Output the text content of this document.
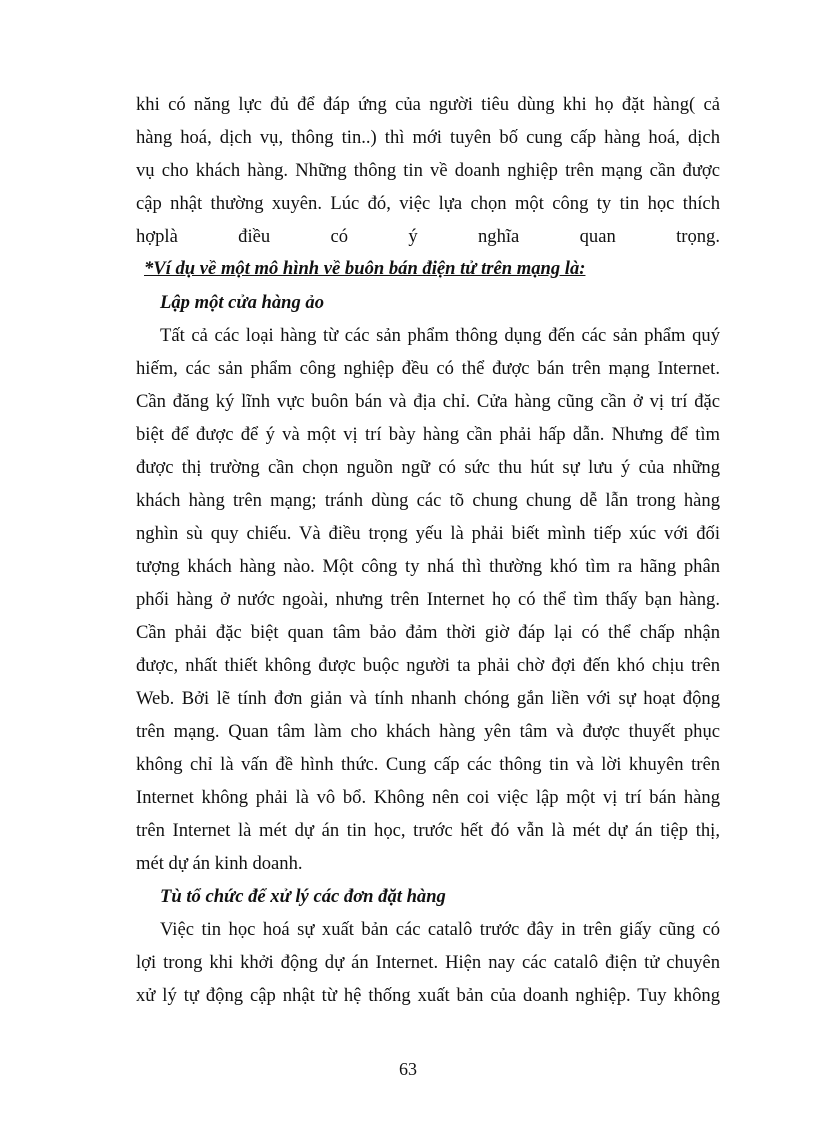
khi có năng lực đủ để đáp ứng của người tiêu dùng khi họ đặt hàng( cả
hàng hoá, dịch vụ, thông tin..) thì mới tuyên bố cung cấp hàng hoá, dịch
vụ cho khách hàng. Những thông tin về doanh nghiệp trên mạng cần được
cập nhật thường xuyên. Lúc đó, việc lựa chọn một công ty tin học thích
hợplà điều có ý nghĩa quan trọng.
*Ví dụ về một mô hình về buôn bán điện tử trên mạng là:
Lập một cửa hàng ảo
Tất cả các loại hàng từ các sản phẩm thông dụng đến các sản phẩm quý
hiếm, các sản phẩm công nghiệp đều có thể được bán trên mạng Internet.
Cần đăng ký lĩnh vực buôn bán và địa chỉ. Cửa hàng cũng cần ở vị trí đặc
biệt để được để ý và một vị trí bày hàng cần phải hấp dẫn. Nhưng để tìm
được thị trường cần chọn nguồn ngữ có sức thu hút sự lưu ý của những
khách hàng trên mạng; tránh dùng các tõ chung chung dễ lẫn trong hàng
nghìn sù quy chiếu. Và điều trọng yếu là phải biết mình tiếp xúc với đối
tượng khách hàng nào. Một công ty nhá thì thường khó tìm ra hãng phân
phối hàng ở nước ngoài, nhưng trên Internet họ có thể tìm thấy bạn hàng.
Cần phải đặc biệt quan tâm bảo đảm thời giờ đáp lại có thể chấp nhận
được, nhất thiết không được buộc người ta phải chờ đợi đến khó chịu trên
Web. Bởi lẽ tính đơn giản và tính nhanh chóng gắn liền với sự hoạt động
trên mạng. Quan tâm làm cho khách hàng yên tâm và được thuyết phục
không chỉ là vấn đề hình thức. Cung cấp các thông tin và lời khuyên trên
Internet không phải là vô bổ. Không nên coi việc lập một vị trí bán hàng
trên Internet là mét dự án tin học, trước hết đó vẫn là mét dự án tiệp thị,
mét dự án kinh doanh.
Tù tổ chức để xử lý các đơn đặt hàng
Việc tin học hoá sự xuất bản các catalô trước đây in trên giấy cũng có
lợi trong khi khởi động dự án Internet. Hiện nay các catalô điện tử chuyên
xử lý tự động cập nhật từ hệ thống xuất bản của doanh nghiệp. Tuy không
63
